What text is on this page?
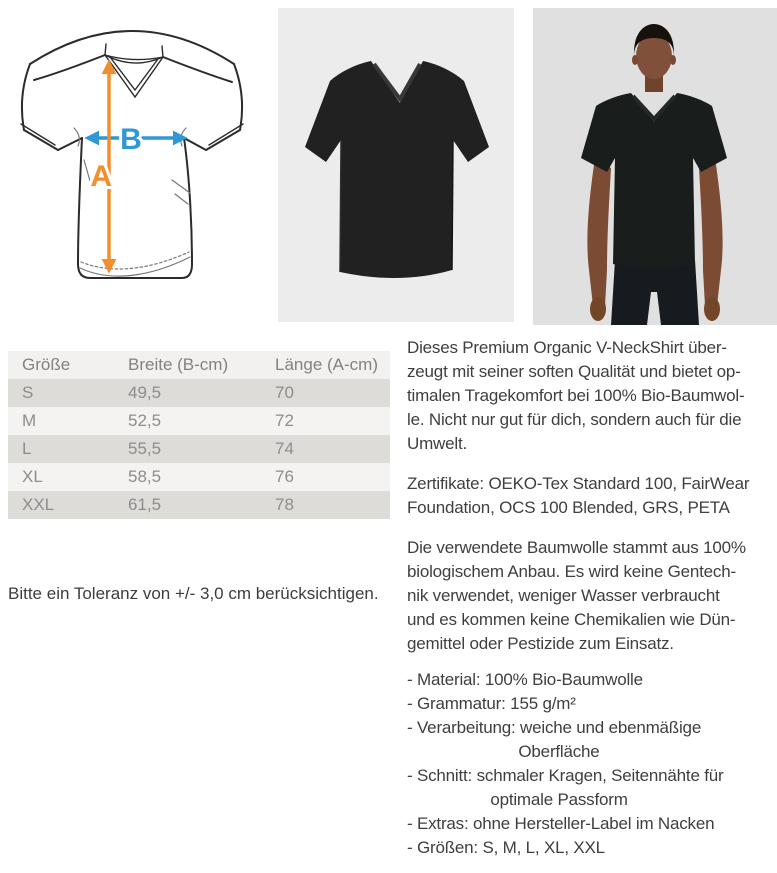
B
A
Größe	Breite (B-cm)	Länge (A-cm)
S	49,5	70
M	52,5	72
L	55,5	74
XL	58,5	76
XXL	61,5	78
Bitte ein Toleranz von +/- 3,0 cm berücksichtigen.
Dieses Premium Organic V-NeckShirt über-
zeugt mit seiner soften Qualität und bietet op-
timalen Tragekomfort bei 100% Bio-Baumwol-
le. Nicht nur gut für dich, sondern auch für die
Umwelt.
Zertifikate: OEKO-Tex Standard 100, FairWear
Foundation, OCS 100 Blended, GRS, PETA
Die verwendete Baumwolle stammt aus 100%
biologischem Anbau. Es wird keine Gentech-
nik verwendet, weniger Wasser verbraucht
und es kommen keine Chemikalien wie Dün-
gemittel oder Pestizide zum Einsatz.
- Material: 100% Bio-Baumwolle
- Grammatur: 155 g/m²
- Verarbeitung: weiche und ebenmäßige
Oberfläche
- Schnitt: schmaler Kragen, Seitennähte für
optimale Passform
- Extras: ohne Hersteller-Label im Nacken
- Größen: S, M, L, XL, XXL
